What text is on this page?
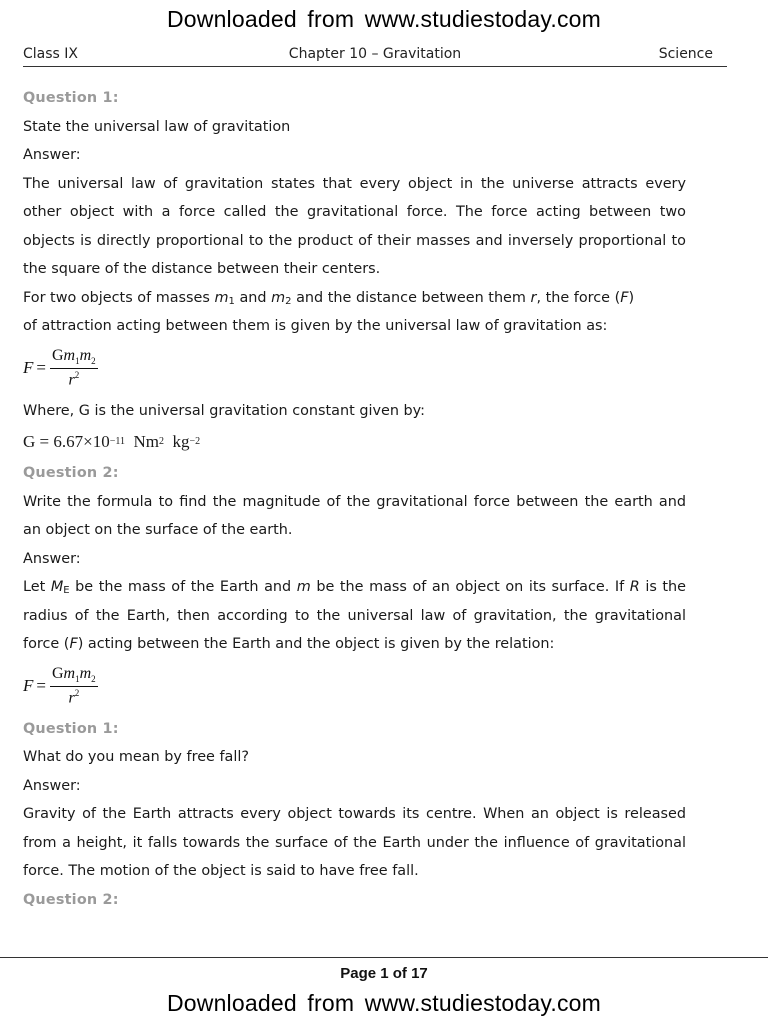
Downloaded from www.studiestoday.com
Class IX	Chapter 10 – Gravitation	Science

Question 1:

State the universal law of gravitation

Answer:

The universal law of gravitation states that every object in the universe attracts every other object with a force called the gravitational force. The force acting between two objects is directly proportional to the product of their masses and inversely proportional to the square of the distance between their centers.

For two objects of masses $m_1$ and $m_2$ and the distance between them r, the force (F)
of attraction acting between them is given by the universal law of gravitation as:

$F = \frac{Gm_1m_2}{r^2}$

Where, G is the universal gravitation constant given by:

G = 6.67×10 −11
Nm 2
kg −2

Question 2:

Write the formula to find the magnitude of the gravitational force between the earth and an object on the surface of the earth.

Answer:

Let $M_E$ be the mass of the Earth and m be the mass of an object on its surface. If R is the radius of the Earth, then according to the universal law of gravitation, the gravitational force (F) acting between the Earth and the object is given by the relation:

$F = \frac{Gm_1m_2}{r^2}$

Question 1:

What do you mean by free fall?

Answer:

Gravity of the Earth attracts every object towards its centre. When an object is released from a height, it falls towards the surface of the Earth under the influence of gravitational force. The motion of the object is said to have free fall.

Question 2:

Page 1 of 17
Downloaded from www.studiestoday.com
